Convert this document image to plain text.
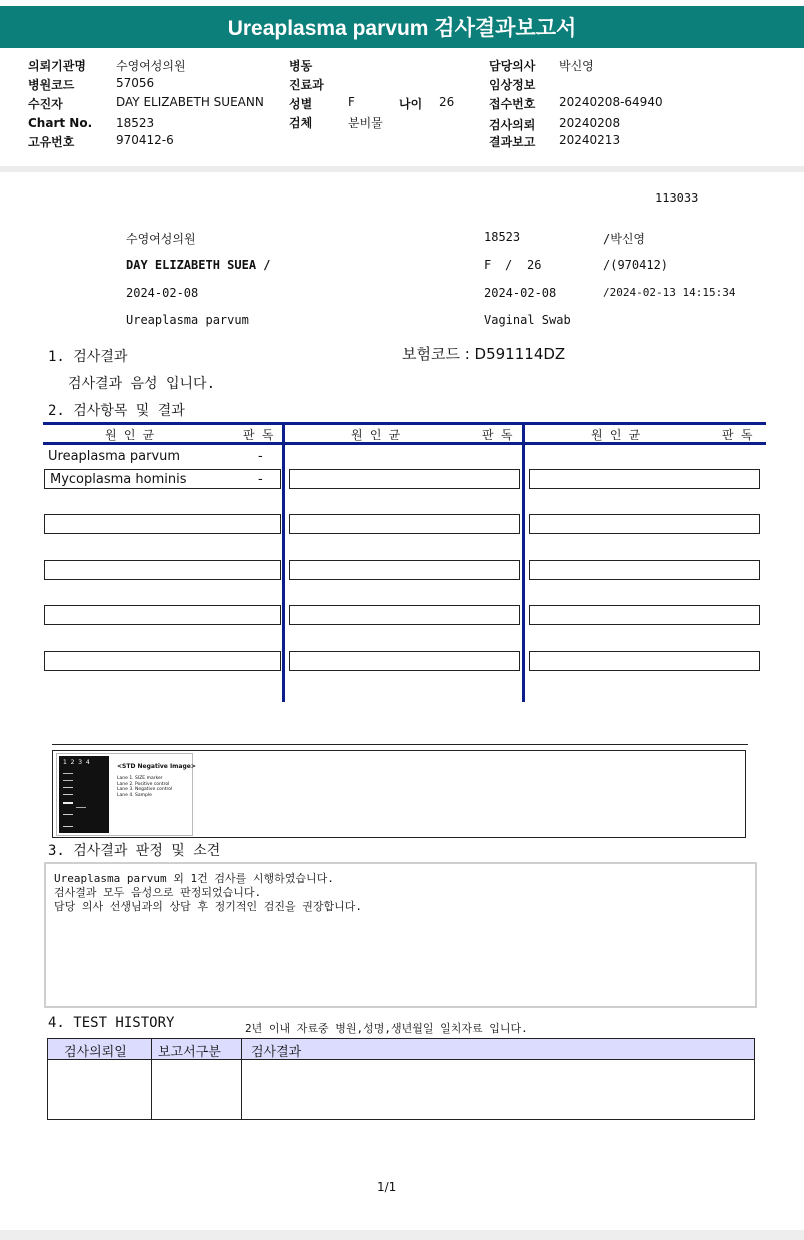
Ureaplasma parvum 검사결과보고서
의뢰기관명	수영여성의원
병원코드	57056
수진자	DAY ELIZABETH SUEANN
Chart No.	18523
고유번호	970412-6
병동
진료과
성별	F	나이	26
검체	분비물
담당의사	박신영
임상정보
접수번호	20240208-64940
검사의뢰	20240208
결과보고	20240213
113033
수영여성의원	18523	/박신영
DAY ELIZABETH SUEA /	F / 26	/(970412)
2024-02-08	2024-02-08	/2024-02-13 14:15:34
Ureaplasma parvum	Vaginal Swab
1. 검사결과	보험코드 : D591114DZ
검사결과 음성 입니다.
2. 검사항목 및 결과
원 인 균	판 독	원 인 균	판 독	원 인 균	판 독
Ureaplasma parvum	-
Mycoplasma hominis	-
1  2  3  4
<STD Negative Image>
Lane 1. SIZE marker
Lane 2. Positive control
Lane 3. Negative control
Lane 4. Sample
3. 검사결과 판정 및 소견
Ureaplasma parvum 외 1건 검사를 시행하였습니다.
검사결과 모두 음성으로 판정되었습니다.
담당 의사 선생님과의 상담 후 정기적인 검진을 권장합니다.
4. TEST HISTORY	2년 이내 자료중 병원,성명,생년월일 일치자료 입니다.
검사의뢰일 보고서구분 검사결과
1/1
